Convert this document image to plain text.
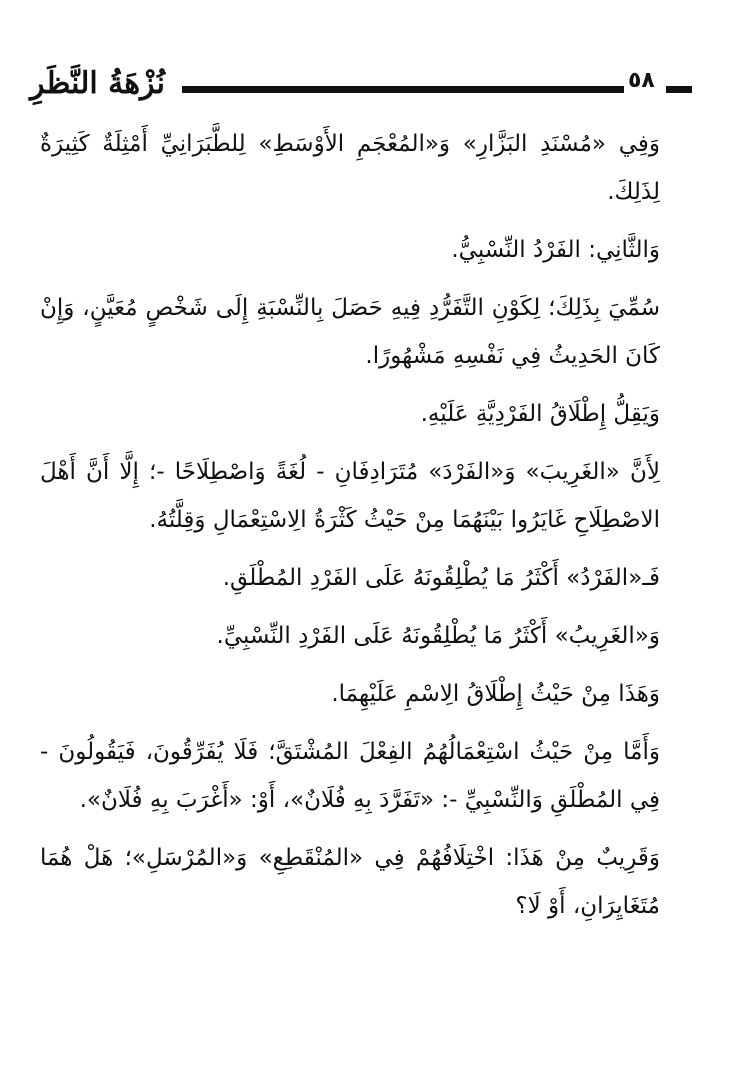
نُزْهَةُ النَّظَرِ	٥٨

وَفِي «مُسْنَدِ البَزَّارِ» وَ«المُعْجَمِ الأَوْسَطِ» لِلطَّبَرَانِيِّ أَمْثِلَةٌ كَثِيرَةٌ لِذَلِكَ.

وَالثَّانِي: الفَرْدُ النِّسْبِيُّ.

سُمِّيَ بِذَلِكَ؛ لِكَوْنِ التَّفَرُّدِ فِيهِ حَصَلَ بِالنِّسْبَةِ إِلَى شَخْصٍ مُعَيَّنٍ، وَإِنْ كَانَ الحَدِيثُ فِي نَفْسِهِ مَشْهُورًا.

وَيَقِلُّ إِطْلَاقُ الفَرْدِيَّةِ عَلَيْهِ.

لِأَنَّ «الغَرِيبَ» وَ«الفَرْدَ» مُتَرَادِفَانِ - لُغَةً وَاصْطِلَاحًا -؛ إِلَّا أَنَّ أَهْلَ الاصْطِلَاحِ غَايَرُوا بَيْنَهُمَا مِنْ حَيْثُ كَثْرَةُ الِاسْتِعْمَالِ وَقِلَّتُهُ.

فَـ«الفَرْدُ» أَكْثَرُ مَا يُطْلِقُونَهُ عَلَى الفَرْدِ المُطْلَقِ.

وَ«الغَرِيبُ» أَكْثَرُ مَا يُطْلِقُونَهُ عَلَى الفَرْدِ النِّسْبِيِّ.

وَهَذَا مِنْ حَيْثُ إِطْلَاقُ الِاسْمِ عَلَيْهِمَا.

وَأَمَّا مِنْ حَيْثُ اسْتِعْمَالُهُمُ الفِعْلَ المُشْتَقَّ؛ فَلَا يُفَرِّقُونَ، فَيَقُولُونَ - فِي المُطْلَقِ وَالنِّسْبِيِّ -: «تَفَرَّدَ بِهِ فُلَانٌ»، أَوْ: «أَغْرَبَ بِهِ فُلَانٌ».

وَقَرِيبٌ مِنْ هَذَا: اخْتِلَافُهُمْ فِي «المُنْقَطِعِ» وَ«المُرْسَلِ»؛ هَلْ هُمَا مُتَغَايِرَانِ، أَوْ لَا؟
